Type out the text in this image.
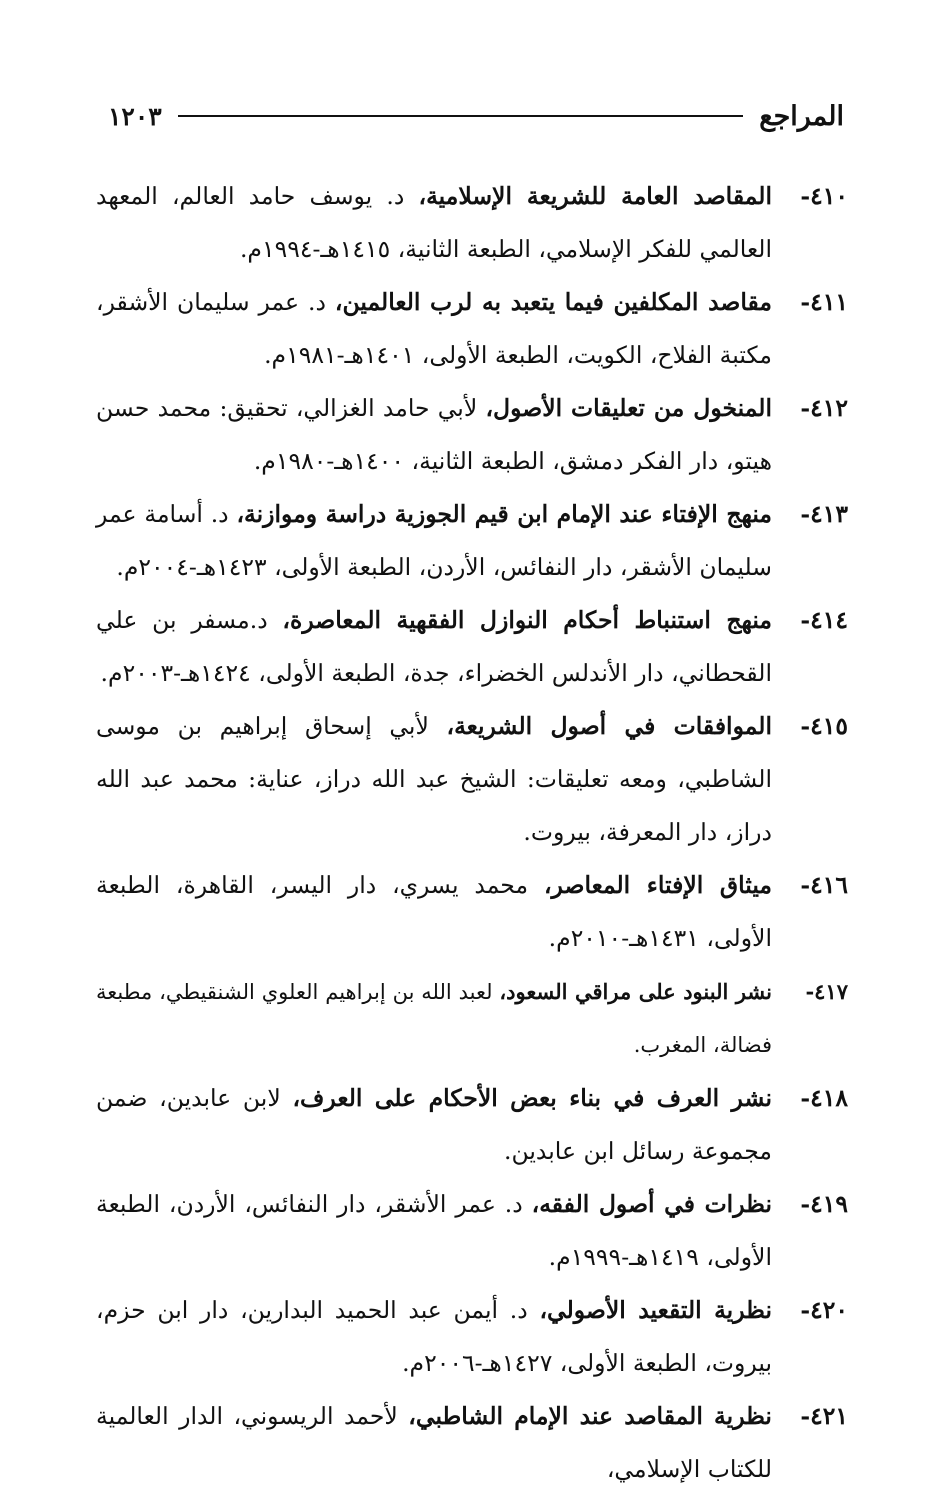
المراجع
١٢٠٣
٤١٠-
المقاصد العامة للشريعة الإسلامية، د. يوسف حامد العالم، المعهد العالمي للفكر الإسلامي، الطبعة الثانية، ١٤١٥هـ-١٩٩٤م.
٤١١-
مقاصد المكلفين فيما يتعبد به لرب العالمين، د. عمر سليمان الأشقر، مكتبة الفلاح، الكويت، الطبعة الأولى، ١٤٠١هـ-١٩٨١م.
٤١٢-
المنخول من تعليقات الأصول، لأبي حامد الغزالي، تحقيق: محمد حسن هيتو، دار الفكر دمشق، الطبعة الثانية، ١٤٠٠هـ-١٩٨٠م.
٤١٣-
منهج الإفتاء عند الإمام ابن قيم الجوزية دراسة وموازنة، د. أسامة عمر سليمان الأشقر، دار النفائس، الأردن، الطبعة الأولى، ١٤٢٣هـ-٢٠٠٤م.
٤١٤-
منهج استنباط أحكام النوازل الفقهية المعاصرة، د.مسفر بن علي القحطاني، دار الأندلس الخضراء، جدة، الطبعة الأولى، ١٤٢٤هـ-٢٠٠٣م.
٤١٥-
الموافقات في أصول الشريعة، لأبي إسحاق إبراهيم بن موسى الشاطبي، ومعه تعليقات: الشيخ عبد الله دراز، عناية: محمد عبد الله دراز، دار المعرفة، بيروت.
٤١٦-
ميثاق الإفتاء المعاصر، محمد يسري، دار اليسر، القاهرة، الطبعة الأولى، ١٤٣١هـ-٢٠١٠م.
٤١٧-
نشر البنود على مراقي السعود، لعبد الله بن إبراهيم العلوي الشنقيطي، مطبعة فضالة، المغرب.
٤١٨-
نشر العرف في بناء بعض الأحكام على العرف، لابن عابدين، ضمن مجموعة رسائل ابن عابدين.
٤١٩-
نظرات في أصول الفقه، د. عمر الأشقر، دار النفائس، الأردن، الطبعة الأولى، ١٤١٩هـ-١٩٩٩م.
٤٢٠-
نظرية التقعيد الأصولي، د. أيمن عبد الحميد البدارين، دار ابن حزم، بيروت، الطبعة الأولى، ١٤٢٧هـ-٢٠٠٦م.
٤٢١-
نظرية المقاصد عند الإمام الشاطبي، لأحمد الريسوني، الدار العالمية للكتاب الإسلامي،
